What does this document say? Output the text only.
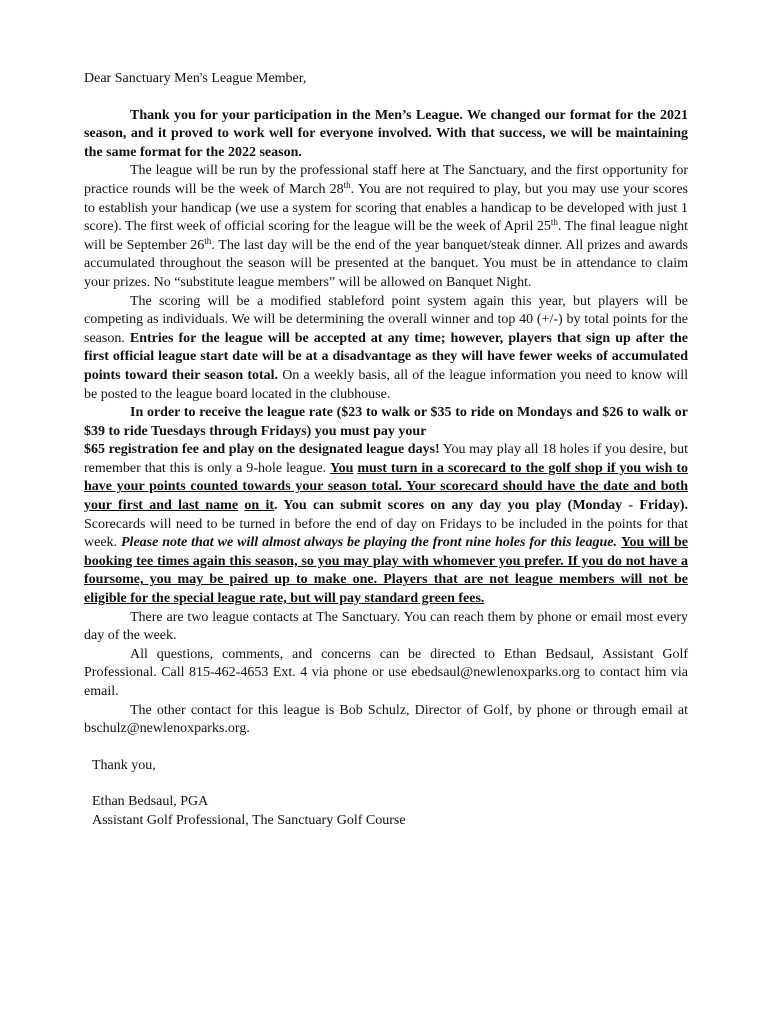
Dear Sanctuary Men's League Member,

Thank you for your participation in the Men’s League. We changed our format for the 2021 season, and it proved to work well for everyone involved. With that success, we will be maintaining the same format for the 2022 season.

The league will be run by the professional staff here at The Sanctuary, and the first opportunity for practice rounds will be the week of March 28th. You are not required to play, but you may use your scores to establish your handicap (we use a system for scoring that enables a handicap to be developed with just 1 score). The first week of official scoring for the league will be the week of April 25th. The final league night will be September 26th. The last day will be the end of the year banquet/steak dinner. All prizes and awards accumulated throughout the season will be presented at the banquet. You must be in attendance to claim your prizes. No “substitute league members” will be allowed on Banquet Night.

The scoring will be a modified stableford point system again this year, but players will be competing as individuals. We will be determining the overall winner and top 40 (+/-) by total points for the season. Entries for the league will be accepted at any time; however, players that sign up after the first official league start date will be at a disadvantage as they will have fewer weeks of accumulated points toward their season total. On a weekly basis, all of the league information you need to know will be posted to the league board located in the clubhouse.

In order to receive the league rate ($23 to walk or $35 to ride on Mondays and $26 to walk or $39 to ride Tuesdays through Fridays) you must pay your
$65 registration fee and play on the designated league days! You may play all 18 holes if you desire, but remember that this is only a 9-hole league. You must turn in a scorecard to the golf shop if you wish to have your points counted towards your season total. Your scorecard should have the date and both your first and last name on it. You can submit scores on any day you play (Monday - Friday). Scorecards will need to be turned in before the end of day on Fridays to be included in the points for that week. Please note that we will almost always be playing the front nine holes for this league. You will be booking tee times again this season, so you may play with whomever you prefer. If you do not have a foursome, you may be paired up to make one. Players that are not league members will not be eligible for the special league rate, but will pay standard green fees.

There are two league contacts at The Sanctuary. You can reach them by phone or email most every day of the week.

All questions, comments, and concerns can be directed to Ethan Bedsaul, Assistant Golf Professional. Call 815-462-4653 Ext. 4 via phone or use ebedsaul@newlenoxparks.org to contact him via email.

The other contact for this league is Bob Schulz, Director of Golf, by phone or through email at bschulz@newlenoxparks.org.

Thank you,

Ethan Bedsaul, PGA

Assistant Golf Professional, The Sanctuary Golf Course
